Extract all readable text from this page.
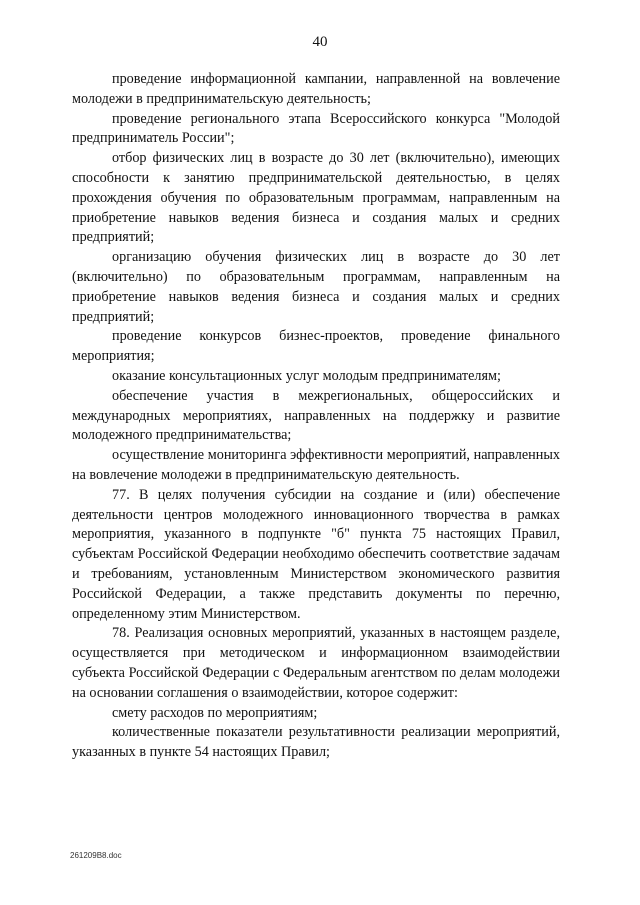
40

проведение информационной кампании, направленной на вовлечение молодежи в предпринимательскую деятельность;

проведение регионального этапа Всероссийского конкурса "Молодой предприниматель России";

отбор физических лиц в возрасте до 30 лет (включительно), имеющих способности к занятию предпринимательской деятельностью, в целях прохождения обучения по образовательным программам, направленным на приобретение навыков ведения бизнеса и создания малых и средних предприятий;

организацию обучения физических лиц в возрасте до 30 лет (включительно) по образовательным программам, направленным на приобретение навыков ведения бизнеса и создания малых и средних предприятий;

проведение конкурсов бизнес-проектов, проведение финального мероприятия;

оказание консультационных услуг молодым предпринимателям;

обеспечение участия в межрегиональных, общероссийских и международных мероприятиях, направленных на поддержку и развитие молодежного предпринимательства;

осуществление мониторинга эффективности мероприятий, направленных на вовлечение молодежи в предпринимательскую деятельность.

77. В целях получения субсидии на создание и (или) обеспечение деятельности центров молодежного инновационного творчества в рамках мероприятия, указанного в подпункте "б" пункта 75 настоящих Правил, субъектам Российской Федерации необходимо обеспечить соответствие задачам и требованиям, установленным Министерством экономического развития Российской Федерации, а также представить документы по перечню, определенному этим Министерством.

78. Реализация основных мероприятий, указанных в настоящем разделе, осуществляется при методическом и информационном взаимодействии субъекта Российской Федерации с Федеральным агентством по делам молодежи на основании соглашения о взаимодействии, которое содержит:

смету расходов по мероприятиям;

количественные показатели результативности реализации мероприятий, указанных в пункте 54 настоящих Правил;

261209В8.doc
